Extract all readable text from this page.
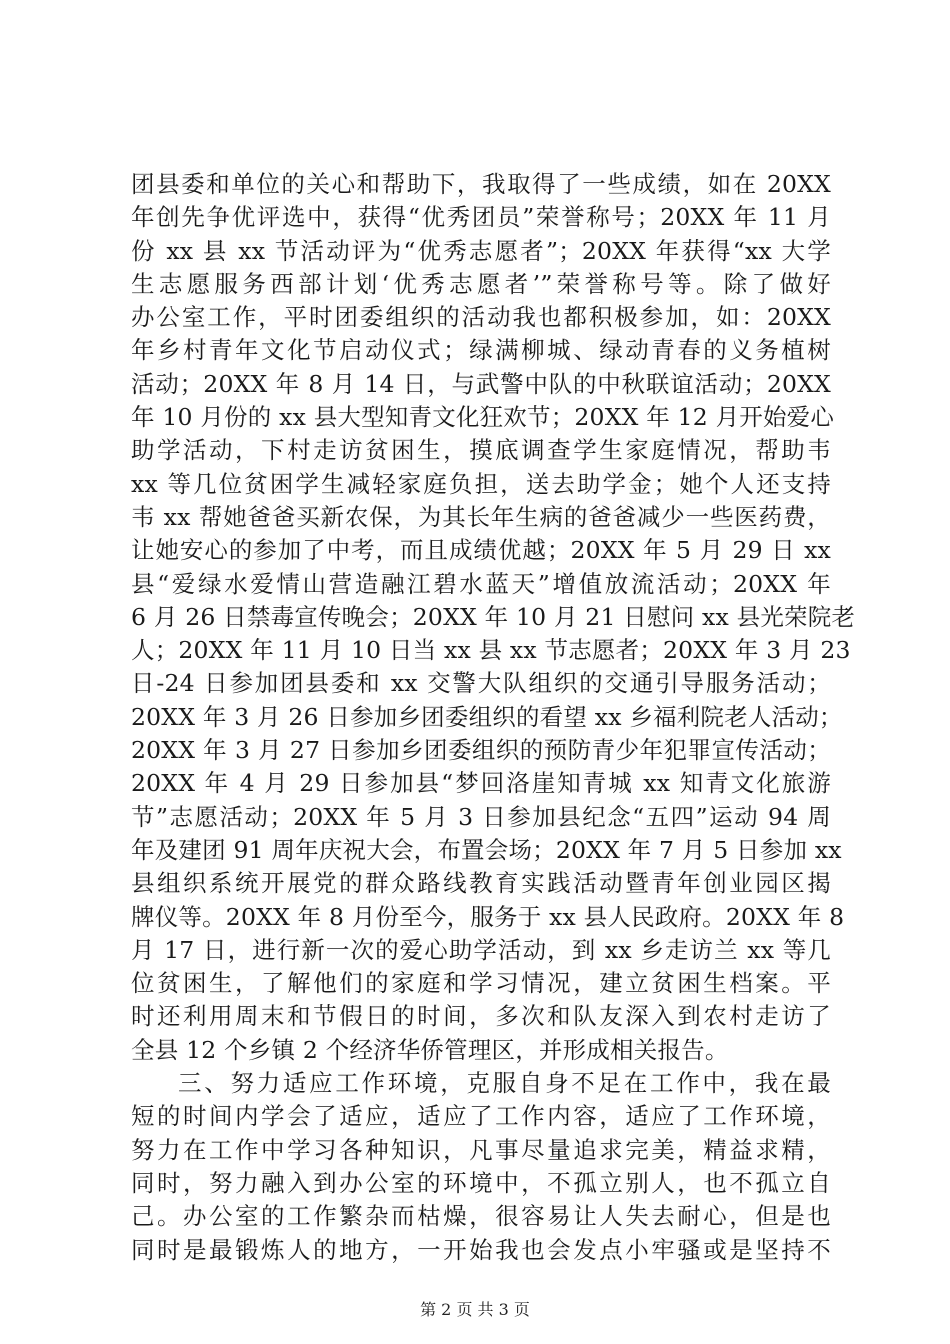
团县委和单位的关心和帮助下，我取得了一些成绩，如在 20XX
年创先争优评选中，获得“优秀团员”荣誉称号；20XX 年 11 月
份 xx 县 xx 节活动评为“优秀志愿者”；20XX 年获得“xx 大学
生志愿服务西部计划‘优秀志愿者’”荣誉称号等。除了做好
办公室工作，平时团委组织的活动我也都积极参加，如：20XX
年乡村青年文化节启动仪式；绿满柳城、绿动青春的义务植树
活动；20XX 年 8 月 14 日，与武警中队的中秋联谊活动；20XX
年 10 月份的 xx 县大型知青文化狂欢节；20XX 年 12 月开始爱心
助学活动，下村走访贫困生，摸底调查学生家庭情况，帮助韦
xx 等几位贫困学生减轻家庭负担，送去助学金；她个人还支持
韦 xx 帮她爸爸买新农保，为其长年生病的爸爸减少一些医药费，
让她安心的参加了中考，而且成绩优越；20XX 年 5 月 29 日 xx
县“爱绿水爱情山营造融江碧水蓝天”增值放流活动；20XX 年
6 月 26 日禁毒宣传晚会；20XX 年 10 月 21 日慰问 xx 县光荣院老
人；20XX 年 11 月 10 日当 xx 县 xx 节志愿者；20XX 年 3 月 23
日-24 日参加团县委和 xx 交警大队组织的交通引导服务活动；
20XX 年 3 月 26 日参加乡团委组织的看望 xx 乡福利院老人活动；
20XX 年 3 月 27 日参加乡团委组织的预防青少年犯罪宣传活动；
20XX 年 4 月 29 日参加县“梦回洛崖知青城 xx 知青文化旅游
节”志愿活动；20XX 年 5 月 3 日参加县纪念“五四”运动 94 周
年及建团 91 周年庆祝大会，布置会场；20XX 年 7 月 5 日参加 xx
县组织系统开展党的群众路线教育实践活动暨青年创业园区揭
牌仪等。20XX 年 8 月份至今，服务于 xx 县人民政府。20XX 年 8
月 17 日，进行新一次的爱心助学活动，到 xx 乡走访兰 xx 等几
位贫困生，了解他们的家庭和学习情况，建立贫困生档案。平
时还利用周末和节假日的时间，多次和队友深入到农村走访了
全县 12 个乡镇 2 个经济华侨管理区，并形成相关报告。
三、努力适应工作环境，克服自身不足在工作中，我在最
短的时间内学会了适应，适应了工作内容，适应了工作环境，
努力在工作中学习各种知识，凡事尽量追求完美，精益求精，
同时，努力融入到办公室的环境中，不孤立别人，也不孤立自
己。办公室的工作繁杂而枯燥，很容易让人失去耐心，但是也
同时是最锻炼人的地方，一开始我也会发点小牢骚或是坚持不
第 2 页 共 3 页
